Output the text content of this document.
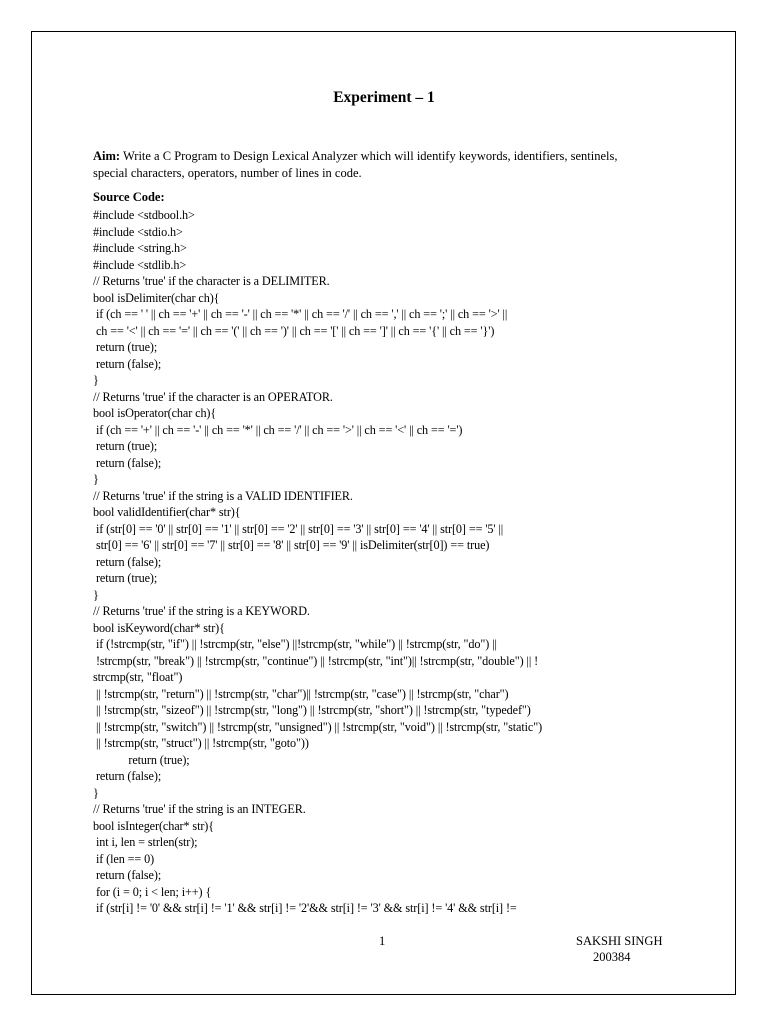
Experiment – 1
Aim: Write a C Program to Design Lexical Analyzer which will identify keywords, identifiers, sentinels, special characters, operators, number of lines in code.
Source Code:
#include <stdbool.h>
#include <stdio.h>
#include <string.h>
#include <stdlib.h>
// Returns 'true' if the character is a DELIMITER.
bool isDelimiter(char ch){
if (ch == ' ' || ch == '+' || ch == '-' || ch == '*' || ch == '/' || ch == ',' || ch == ';' || ch == '>' ||
ch == '<' || ch == '=' || ch == '(' || ch == ')' || ch == '[' || ch == ']' || ch == '{' || ch == '}')
return (true);
return (false);
}
// Returns 'true' if the character is an OPERATOR.
bool isOperator(char ch){
if (ch == '+' || ch == '-' || ch == '*' || ch == '/' || ch == '>' || ch == '<' || ch == '=')
return (true);
return (false);
}
// Returns 'true' if the string is a VALID IDENTIFIER.
bool validIdentifier(char* str){
if (str[0] == '0' || str[0] == '1' || str[0] == '2' || str[0] == '3' || str[0] == '4' || str[0] == '5' ||
str[0] == '6' || str[0] == '7' || str[0] == '8' || str[0] == '9' || isDelimiter(str[0]) == true)
return (false);
return (true);
}
// Returns 'true' if the string is a KEYWORD.
bool isKeyword(char* str){
if (!strcmp(str, "if") || !strcmp(str, "else") ||!strcmp(str, "while") || !strcmp(str, "do") ||
!strcmp(str, "break") || !strcmp(str, "continue") || !strcmp(str, "int")|| !strcmp(str, "double") || !
strcmp(str, "float")
|| !strcmp(str, "return") || !strcmp(str, "char")|| !strcmp(str, "case") || !strcmp(str, "char")
|| !strcmp(str, "sizeof") || !strcmp(str, "long") || !strcmp(str, "short") || !strcmp(str, "typedef")
|| !strcmp(str, "switch") || !strcmp(str, "unsigned") || !strcmp(str, "void") || !strcmp(str, "static")
|| !strcmp(str, "struct") || !strcmp(str, "goto"))
return (true);
return (false);
}
// Returns 'true' if the string is an INTEGER.
bool isInteger(char* str){
int i, len = strlen(str);
if (len == 0)
return (false);
for (i = 0; i < len; i++) {
if (str[i] != '0' && str[i] != '1' && str[i] != '2'&& str[i] != '3' && str[i] != '4' && str[i] !=
1	SAKSHI SINGH
200384
